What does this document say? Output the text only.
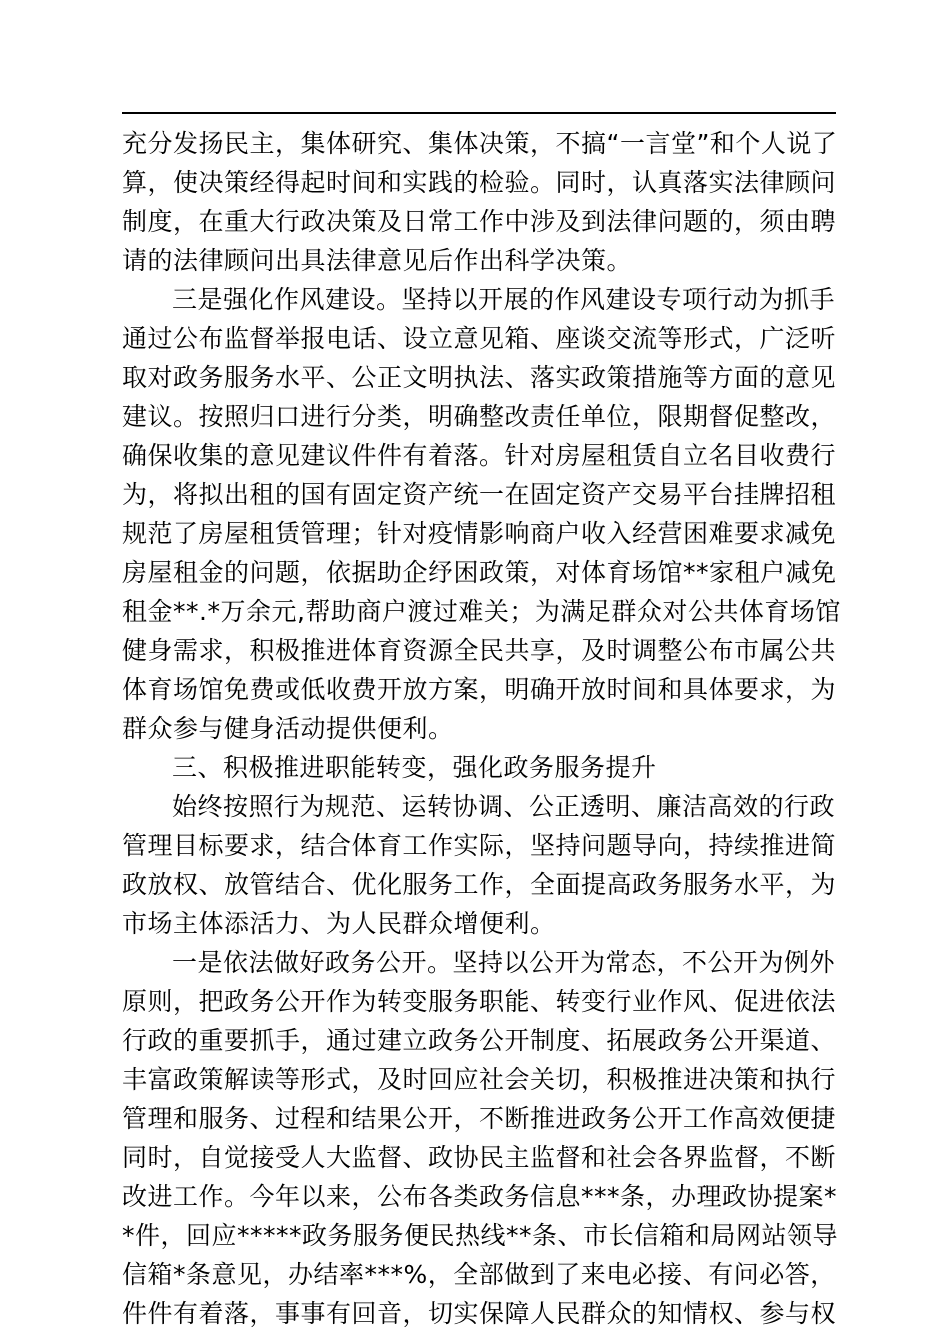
充分发扬民主，集体研究、集体决策，不搞“一言堂”和个人说了
算，使决策经得起时间和实践的检验。同时，认真落实法律顾问
制度，在重大行政决策及日常工作中涉及到法律问题的，须由聘
请的法律顾问出具法律意见后作出科学决策。
三是强化作风建设。坚持以开展的作风建设专项行动为抓手
通过公布监督举报电话、设立意见箱、座谈交流等形式，广泛听
取对政务服务水平、公正文明执法、落实政策措施等方面的意见
建议。按照归口进行分类，明确整改责任单位，限期督促整改，
确保收集的意见建议件件有着落。针对房屋租赁自立名目收费行
为，将拟出租的国有固定资产统一在固定资产交易平台挂牌招租
规范了房屋租赁管理；针对疫情影响商户收入经营困难要求减免
房屋租金的问题，依据助企纾困政策，对体育场馆**家租户减免
租金**.*万余元,帮助商户渡过难关；为满足群众对公共体育场馆
健身需求，积极推进体育资源全民共享，及时调整公布市属公共
体育场馆免费或低收费开放方案，明确开放时间和具体要求，为
群众参与健身活动提供便利。
三、积极推进职能转变，强化政务服务提升
始终按照行为规范、运转协调、公正透明、廉洁高效的行政
管理目标要求，结合体育工作实际，坚持问题导向，持续推进简
政放权、放管结合、优化服务工作，全面提高政务服务水平，为
市场主体添活力、为人民群众增便利。
一是依法做好政务公开。坚持以公开为常态，不公开为例外
原则，把政务公开作为转变服务职能、转变行业作风、促进依法
行政的重要抓手，通过建立政务公开制度、拓展政务公开渠道、
丰富政策解读等形式，及时回应社会关切，积极推进决策和执行
管理和服务、过程和结果公开，不断推进政务公开工作高效便捷
同时，自觉接受人大监督、政协民主监督和社会各界监督，不断
改进工作。今年以来，公布各类政务信息***条，办理政协提案*
*件，回应*****政务服务便民热线**条、市长信箱和局网站领导
信箱*条意见，办结率***%，全部做到了来电必接、有问必答，
件件有着落，事事有回音，切实保障人民群众的知情权、参与权
